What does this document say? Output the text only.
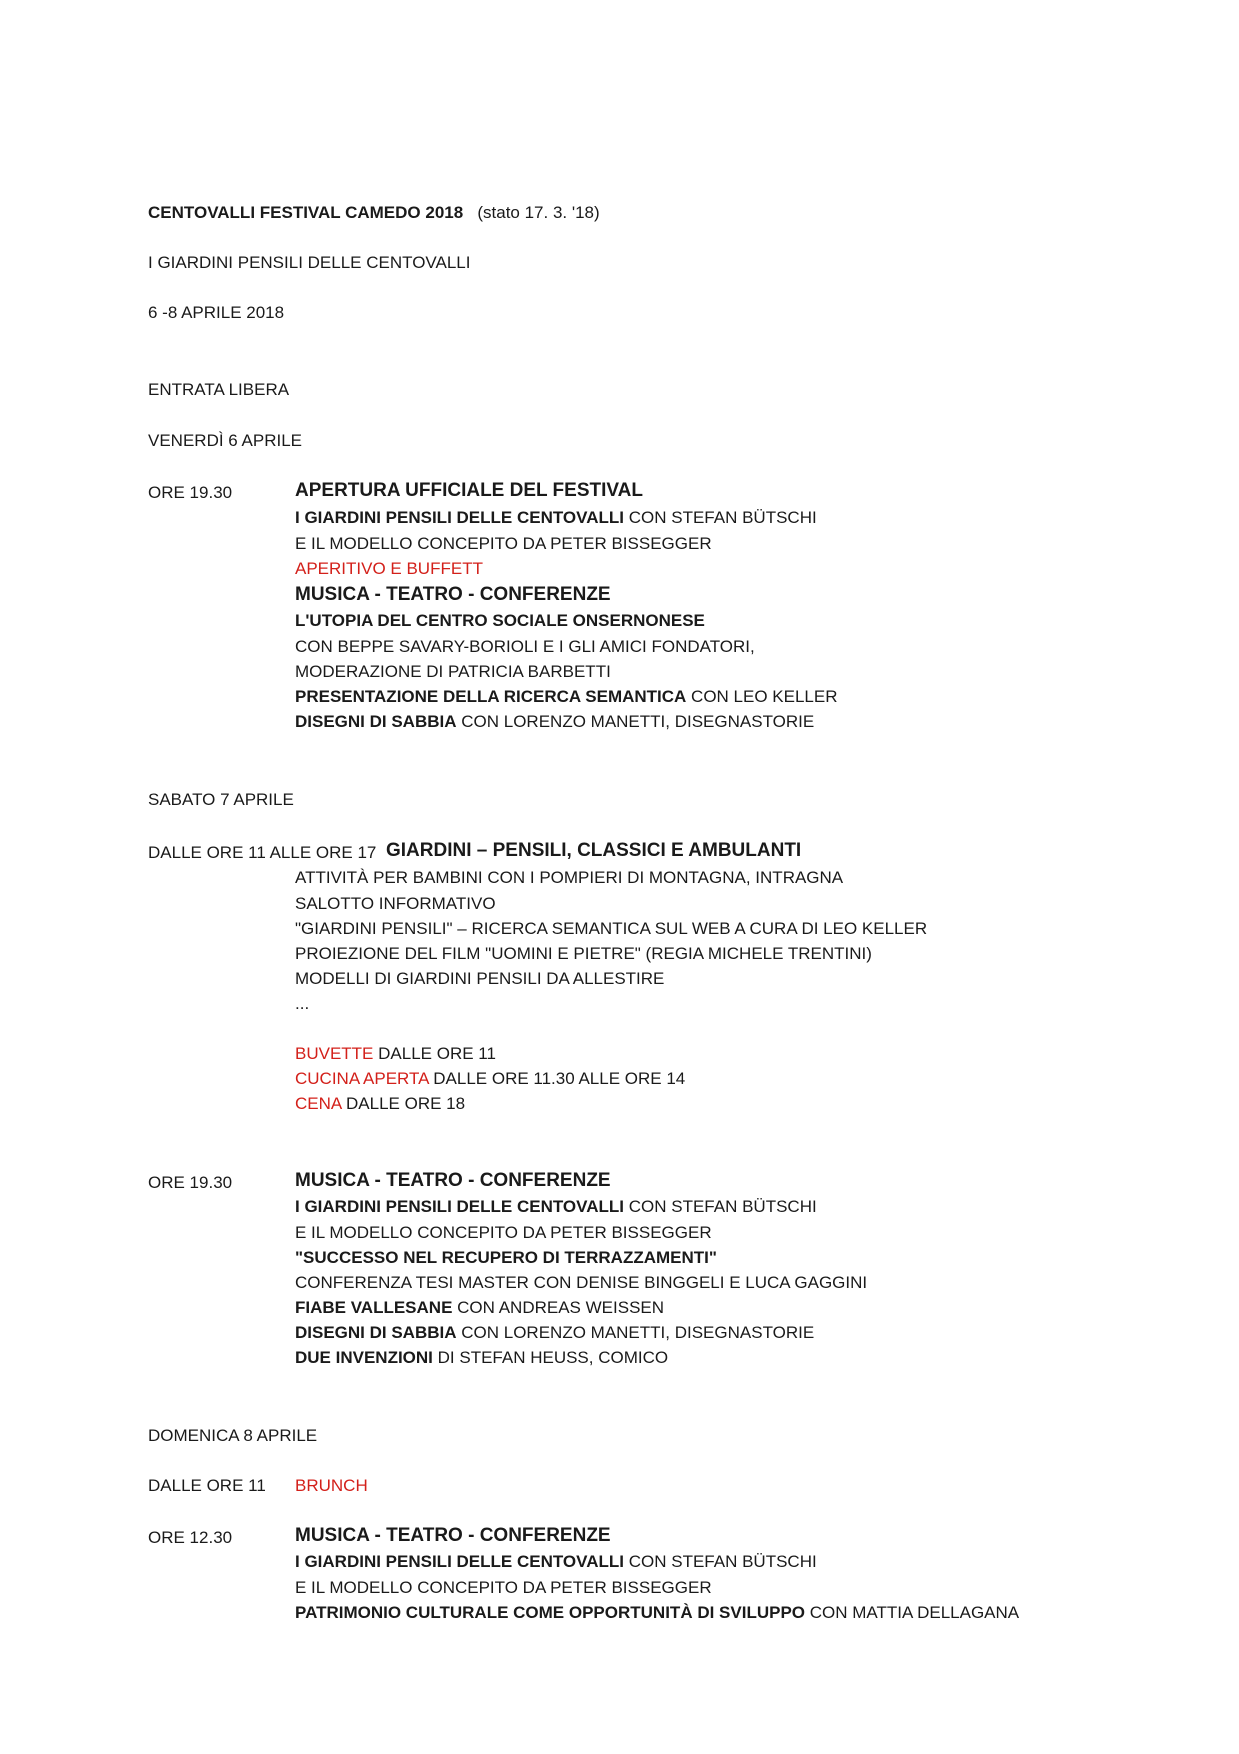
CENTOVALLI FESTIVAL CAMEDO 2018 (stato 17. 3. '18)
I GIARDINI PENSILI DELLE CENTOVALLI
6 -8 APRILE 2018
ENTRATA LIBERA
VENERDÌ 6 APRILE
ORE 19.30	APERTURA UFFICIALE DEL FESTIVAL
I GIARDINI PENSILI DELLE CENTOVALLI CON STEFAN BÜTSCHI
E IL MODELLO CONCEPITO DA PETER BISSEGGER
APERITIVO E BUFFETT
MUSICA - TEATRO - CONFERENZE
L'UTOPIA DEL CENTRO SOCIALE ONSERNONESE
CON BEPPE SAVARY-BORIOLI E I GLI AMICI FONDATORI,
MODERAZIONE DI PATRICIA BARBETTI
PRESENTAZIONE DELLA RICERCA SEMANTICA CON LEO KELLER
DISEGNI DI SABBIA CON LORENZO MANETTI, DISEGNASTORIE
SABATO 7 APRILE
DALLE ORE 11 ALLE ORE 17 GIARDINI – PENSILI, CLASSICI E AMBULANTI
ATTIVITÀ PER BAMBINI CON I POMPIERI DI MONTAGNA, INTRAGNA
SALOTTO INFORMATIVO
"GIARDINI PENSILI" – RICERCA SEMANTICA SUL WEB A CURA DI LEO KELLER
PROIEZIONE DEL FILM "UOMINI E PIETRE" (REGIA MICHELE TRENTINI)
MODELLI DI GIARDINI PENSILI DA ALLESTIRE
...
BUVETTE DALLE ORE 11
CUCINA APERTA DALLE ORE 11.30 ALLE ORE 14
CENA DALLE ORE 18
ORE 19.30	MUSICA - TEATRO - CONFERENZE
I GIARDINI PENSILI DELLE CENTOVALLI CON STEFAN BÜTSCHI
E IL MODELLO CONCEPITO DA PETER BISSEGGER
"SUCCESSO NEL RECUPERO DI TERRAZZAMENTI"
CONFERENZA TESI MASTER CON DENISE BINGGELI E LUCA GAGGINI
FIABE VALLESANE CON ANDREAS WEISSEN
DISEGNI DI SABBIA CON LORENZO MANETTI, DISEGNASTORIE
DUE INVENZIONI DI STEFAN HEUSS, COMICO
DOMENICA 8 APRILE
DALLE ORE 11 BRUNCH
ORE 12.30	MUSICA - TEATRO - CONFERENZE
I GIARDINI PENSILI DELLE CENTOVALLI CON STEFAN BÜTSCHI
E IL MODELLO CONCEPITO DA PETER BISSEGGER
PATRIMONIO CULTURALE COME OPPORTUNITÀ DI SVILUPPO CON MATTIA DELLAGANA
